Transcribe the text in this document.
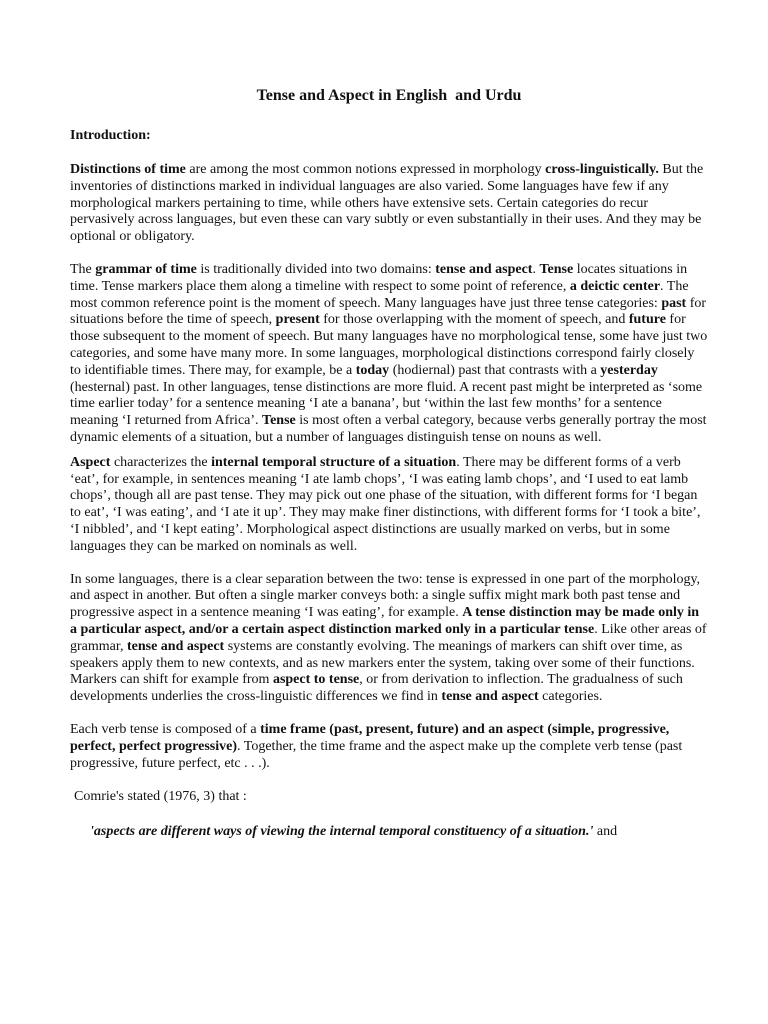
Tense and Aspect in English  and Urdu
Introduction:

Distinctions of time are among the most common notions expressed in morphology cross-linguistically. But the inventories of distinctions marked in individual languages are also varied. Some languages have few if any morphological markers pertaining to time, while others have extensive sets. Certain categories do recur pervasively across languages, but even these can vary subtly or even substantially in their uses. And they may be optional or obligatory.

The grammar of time is traditionally divided into two domains: tense and aspect. Tense locates situations in time. Tense markers place them along a timeline with respect to some point of reference, a deictic center. The most common reference point is the moment of speech. Many languages have just three tense categories: past for situations before the time of speech, present for those overlapping with the moment of speech, and future for those subsequent to the moment of speech. But many languages have no morphological tense, some have just two categories, and some have many more. In some languages, morphological distinctions correspond fairly closely to identifiable times. There may, for example, be a today (hodiernal) past that contrasts with a yesterday (hesternal) past. In other languages, tense distinctions are more fluid. A recent past might be interpreted as ‘some time earlier today’ for a sentence meaning ‘I ate a banana’, but ‘within the last few months’ for a sentence meaning ‘I returned from Africa’. Tense is most often a verbal category, because verbs generally portray the most dynamic elements of a situation, but a number of languages distinguish tense on nouns as well.

Aspect characterizes the internal temporal structure of a situation. There may be different forms of a verb ‘eat’, for example, in sentences meaning ‘I ate lamb chops’, ‘I was eating lamb chops’, and ‘I used to eat lamb chops’, though all are past tense. They may pick out one phase of the situation, with different forms for ‘I began to eat’, ‘I was eating’, and ‘I ate it up’. They may make finer distinctions, with different forms for ‘I took a bite’, ‘I nibbled’, and ‘I kept eating’. Morphological aspect distinctions are usually marked on verbs, but in some languages they can be marked on nominals as well.

In some languages, there is a clear separation between the two: tense is expressed in one part of the morphology, and aspect in another. But often a single marker conveys both: a single suffix might mark both past tense and progressive aspect in a sentence meaning ‘I was eating’, for example. A tense distinction may be made only in a particular aspect, and/or a certain aspect distinction marked only in a particular tense. Like other areas of grammar, tense and aspect systems are constantly evolving. The meanings of markers can shift over time, as speakers apply them to new contexts, and as new markers enter the system, taking over some of their functions. Markers can shift for example from aspect to tense, or from derivation to inflection. The gradualness of such developments underlies the cross-linguistic differences we find in tense and aspect categories.

Each verb tense is composed of a time frame (past, present, future) and an aspect (simple, progressive, perfect, perfect progressive). Together, the time frame and the aspect make up the complete verb tense (past progressive, future perfect, etc . . .).

Comrie's stated (1976, 3) that :
'aspects are different ways of viewing the internal temporal constituency of a situation.' and
